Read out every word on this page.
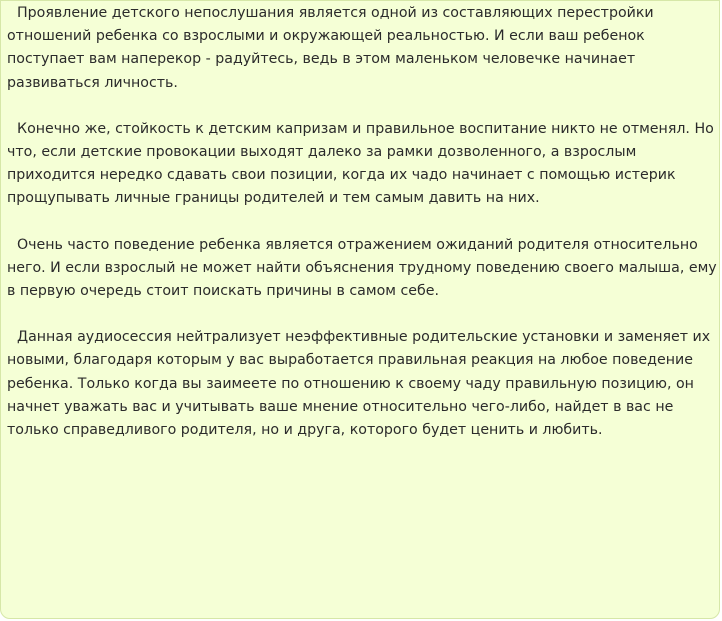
Проявление детского непослушания является одной из составляющих перестройки отношений ребенка со взрослыми и окружающей реальностью. И если ваш ребенок поступает вам наперекор - радуйтесь, ведь в этом маленьком человечке начинает развиваться личность.

Конечно же, стойкость к детским капризам и правильное воспитание никто не отменял. Но что, если детские провокации выходят далеко за рамки дозволенного, а взрослым приходится нередко сдавать свои позиции, когда их чадо начинает с помощью истерик прощупывать личные границы родителей и тем самым давить на них.

Очень часто поведение ребенка является отражением ожиданий родителя относительно него. И если взрослый не может найти объяснения трудному поведению своего малыша, ему в первую очередь стоит поискать причины в самом себе.

Данная аудиосессия нейтрализует неэффективные родительские установки и заменяет их новыми, благодаря которым у вас выработается правильная реакция на любое поведение ребенка. Только когда вы заимеете по отношению к своему чаду правильную позицию, он начнет уважать вас и учитывать ваше мнение относительно чего-либо, найдет в вас не только справедливого родителя, но и друга, которого будет ценить и любить.
